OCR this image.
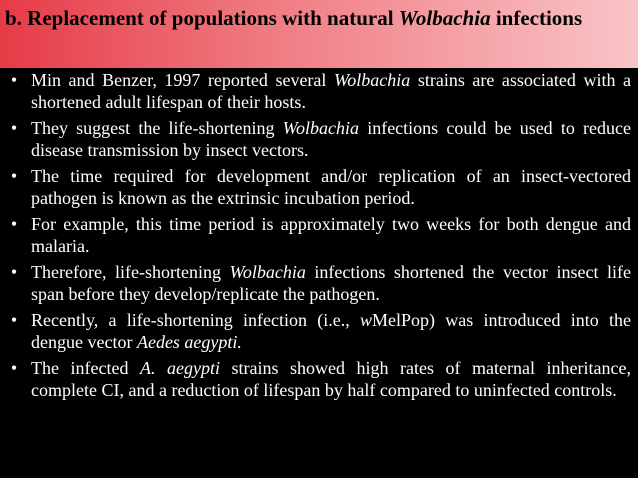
b. Replacement of populations with natural Wolbachia infections
• Min and Benzer, 1997 reported several Wolbachia strains are associated with a shortened adult lifespan of their hosts.
• They suggest the life-shortening Wolbachia infections could be used to reduce disease transmission by insect vectors.
• The time required for development and/or replication of an insect-vectored pathogen is known as the extrinsic incubation period.
• For example, this time period is approximately two weeks for both dengue and malaria.
• Therefore, life-shortening Wolbachia infections shortened the vector insect life span before they develop/replicate the pathogen.
• Recently, a life-shortening infection (i.e., wMelPop) was introduced into the dengue vector Aedes aegypti.
• The infected A. aegypti strains showed high rates of maternal inheritance, complete CI, and a reduction of lifespan by half compared to uninfected controls.
